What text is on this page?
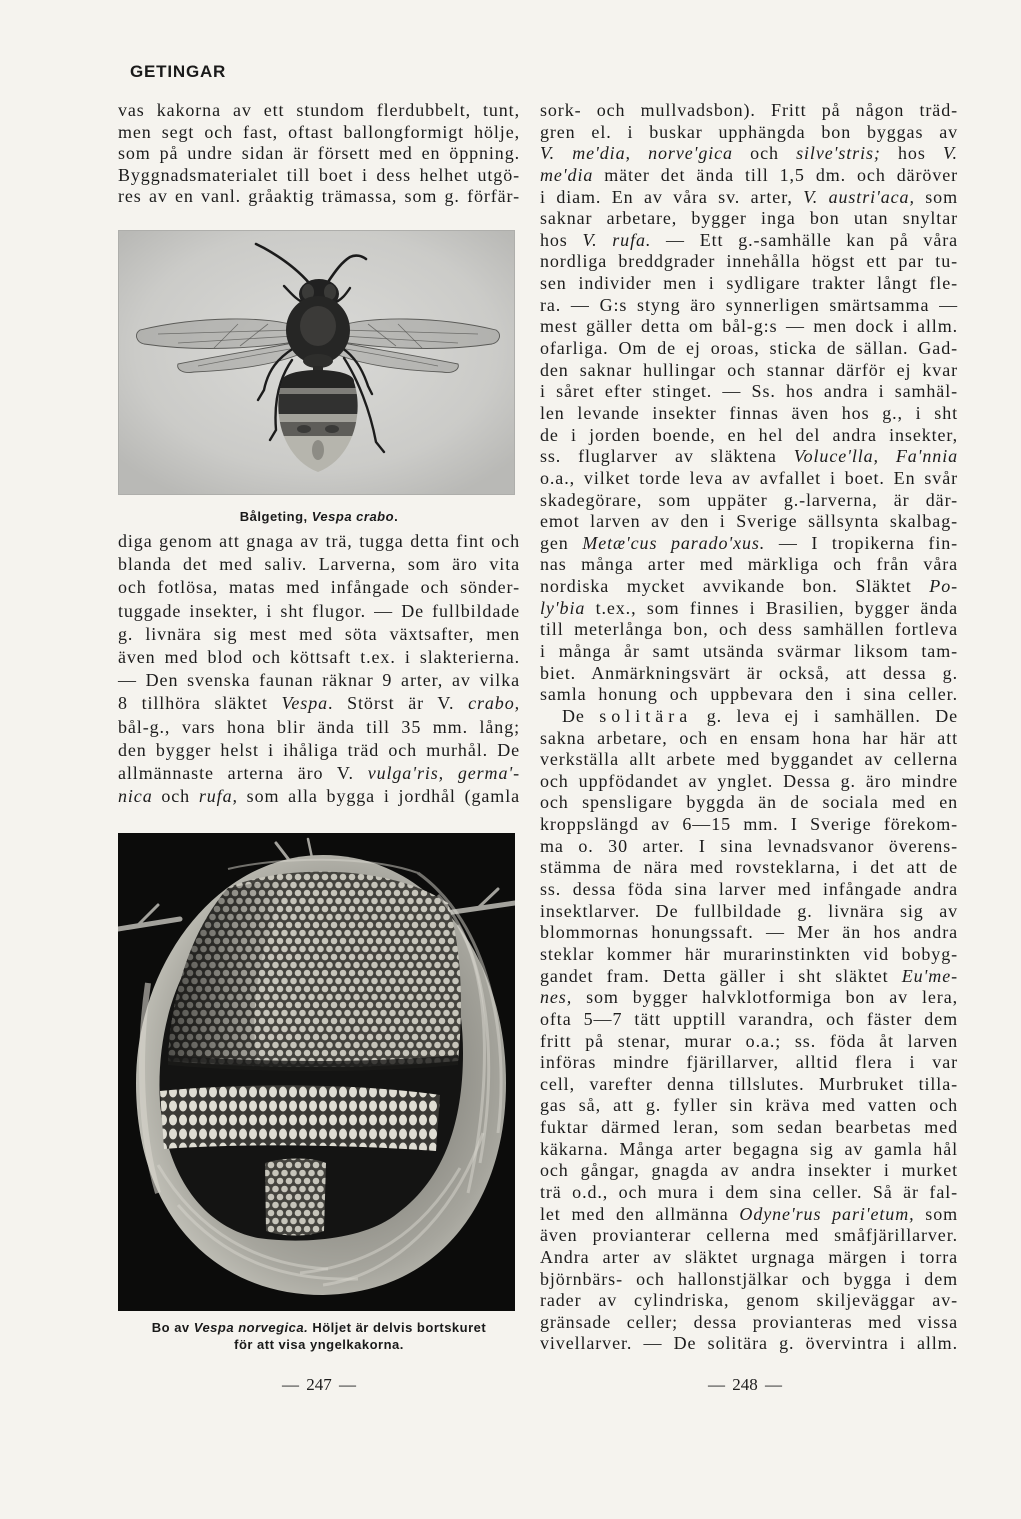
GETINGAR
vas kakorna av ett stundom flerdubbelt, tunt,
men segt och fast, oftast ballongformigt hölje,
som på undre sidan är försett med en öppning.
Byggnadsmaterialet till boet i dess helhet utgö-
res av en vanl. gråaktig trämassa, som g. förfär-
Bålgeting, Vespa crabo.
diga genom att gnaga av trä, tugga detta fint och
blanda det med saliv. Larverna, som äro vita
och fotlösa, matas med infångade och sönder-
tuggade insekter, i sht flugor. — De fullbildade
g. livnära sig mest med söta växtsafter, men
även med blod och köttsaft t.ex. i slakterierna.
— Den svenska faunan räknar 9 arter, av vilka
8 tillhöra släktet Vespa. Störst är V. crabo,
bål-g., vars hona blir ända till 35 mm. lång;
den bygger helst i ihåliga träd och murhål. De
allmännaste arterna äro V. vulga'ris, germa'-
nica och rufa, som alla bygga i jordhål (gamla
Bo av Vespa norvegica. Höljet är delvis bortskuret
för att visa yngelkakorna.
— 247 —
sork- och mullvadsbon). Fritt på någon träd-
gren el. i buskar upphängda bon byggas av
V. me'dia, norve'gica och silve'stris; hos V.
me'dia mäter det ända till 1,5 dm. och däröver
i diam. En av våra sv. arter, V. austri'aca, som
saknar arbetare, bygger inga bon utan snyltar
hos V. rufa. — Ett g.-samhälle kan på våra
nordliga breddgrader innehålla högst ett par tu-
sen individer men i sydligare trakter långt fle-
ra. — G:s styng äro synnerligen smärtsamma —
mest gäller detta om bål-g:s — men dock i allm.
ofarliga. Om de ej oroas, sticka de sällan. Gad-
den saknar hullingar och stannar därför ej kvar
i såret efter stinget. — Ss. hos andra i samhäl-
len levande insekter finnas även hos g., i sht
de i jorden boende, en hel del andra insekter,
ss. fluglarver av släktena Voluce'lla, Fa'nnia
o.a., vilket torde leva av avfallet i boet. En svår
skadegörare, som uppäter g.-larverna, är där-
emot larven av den i Sverige sällsynta skalbag-
gen Metæ'cus parado'xus. — I tropikerna fin-
nas många arter med märkliga och från våra
nordiska mycket avvikande bon. Släktet Po-
ly'bia t.ex., som finnes i Brasilien, bygger ända
till meterlånga bon, och dess samhällen fortleva
i många år samt utsända svärmar liksom tam-
biet. Anmärkningsvärt är också, att dessa g.
samla honung och uppbevara den i sina celler.
De solitära g. leva ej i samhällen. De
sakna arbetare, och en ensam hona har här att
verkställa allt arbete med byggandet av cellerna
och uppfödandet av ynglet. Dessa g. äro mindre
och spensligare byggda än de sociala med en
kroppslängd av 6—15 mm. I Sverige förekom-
ma o. 30 arter. I sina levnadsvanor överens-
stämma de nära med rovsteklarna, i det att de
ss. dessa föda sina larver med infångade andra
insektlarver. De fullbildade g. livnära sig av
blommornas honungssaft. — Mer än hos andra
steklar kommer här murarinstinkten vid bobyg-
gandet fram. Detta gäller i sht släktet Eu'me-
nes, som bygger halvklotformiga bon av lera,
ofta 5—7 tätt upptill varandra, och fäster dem
fritt på stenar, murar o.a.; ss. föda åt larven
införas mindre fjärillarver, alltid flera i var
cell, varefter denna tillslutes. Murbruket tilla-
gas så, att g. fyller sin kräva med vatten och
fuktar därmed leran, som sedan bearbetas med
käkarna. Många arter begagna sig av gamla hål
och gångar, gnagda av andra insekter i murket
trä o.d., och mura i dem sina celler. Så är fal-
let med den allmänna Odyne'rus pari'etum, som
även provianterar cellerna med småfjärillarver.
Andra arter av släktet urgnaga märgen i torra
björnbärs- och hallonstjälkar och bygga i dem
rader av cylindriska, genom skiljeväggar av-
gränsade celler; dessa provianteras med vissa
vivellarver. — De solitära g. övervintra i allm.
— 248 —
